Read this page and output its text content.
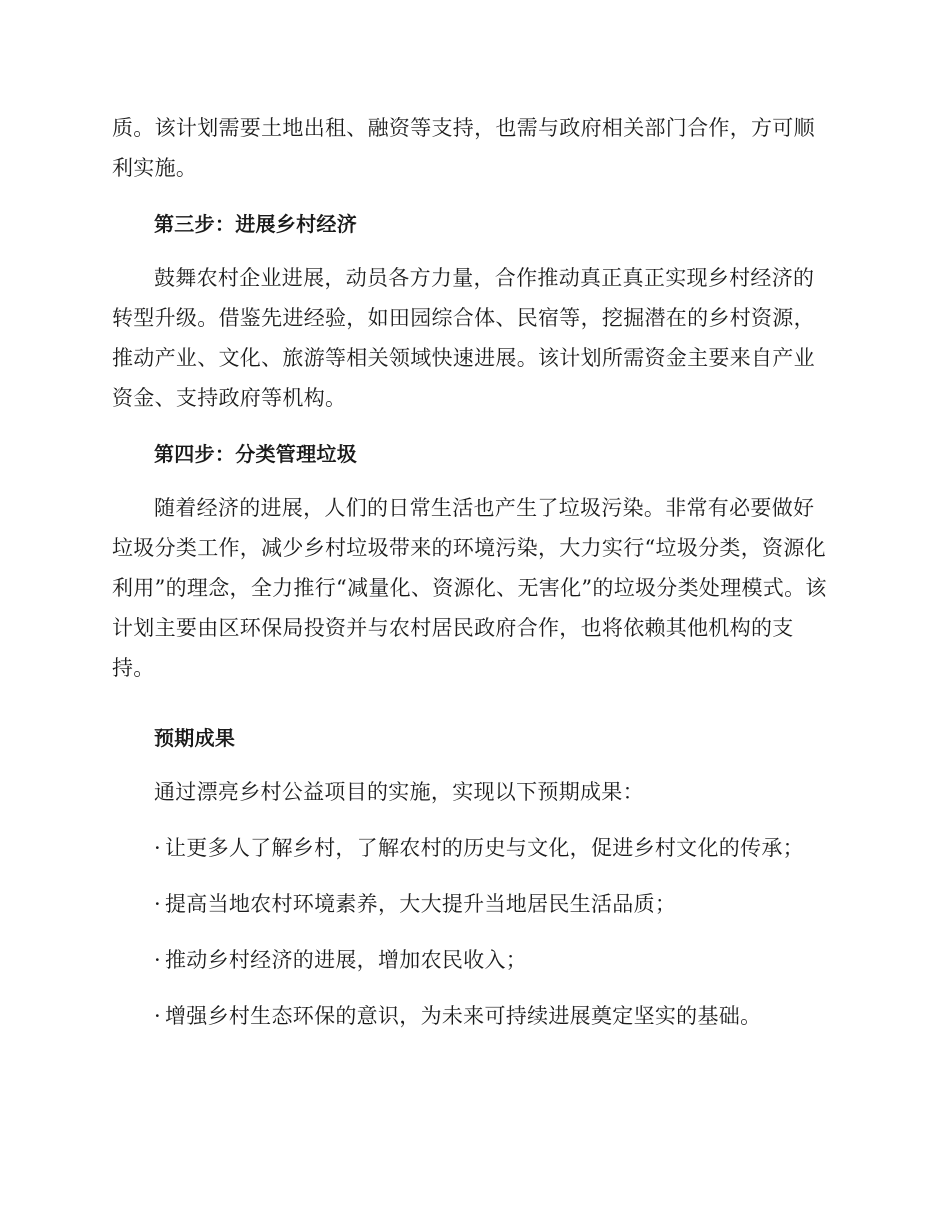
质。该计划需要土地出租、融资等支持，也需与政府相关部门合作，方可顺利实施。

第三步：进展乡村经济

鼓舞农村企业进展，动员各方力量，合作推动真正真正实现乡村经济的转型升级。借鉴先进经验，如田园综合体、民宿等，挖掘潜在的乡村资源，推动产业、文化、旅游等相关领域快速进展。该计划所需资金主要来自产业资金、支持政府等机构。

第四步：分类管理垃圾

随着经济的进展，人们的日常生活也产生了垃圾污染。非常有必要做好垃圾分类工作，减少乡村垃圾带来的环境污染，大力实行“垃圾分类，资源化利用”的理念，全力推行“减量化、资源化、无害化”的垃圾分类处理模式。该计划主要由区环保局投资并与农村居民政府合作，也将依赖其他机构的支持。

预期成果

通过漂亮乡村公益项目的实施，实现以下预期成果：

· 让更多人了解乡村，了解农村的历史与文化，促进乡村文化的传承；

· 提高当地农村环境素养，大大提升当地居民生活品质；

· 推动乡村经济的进展，增加农民收入；

· 增强乡村生态环保的意识，为未来可持续进展奠定坚实的基础。
